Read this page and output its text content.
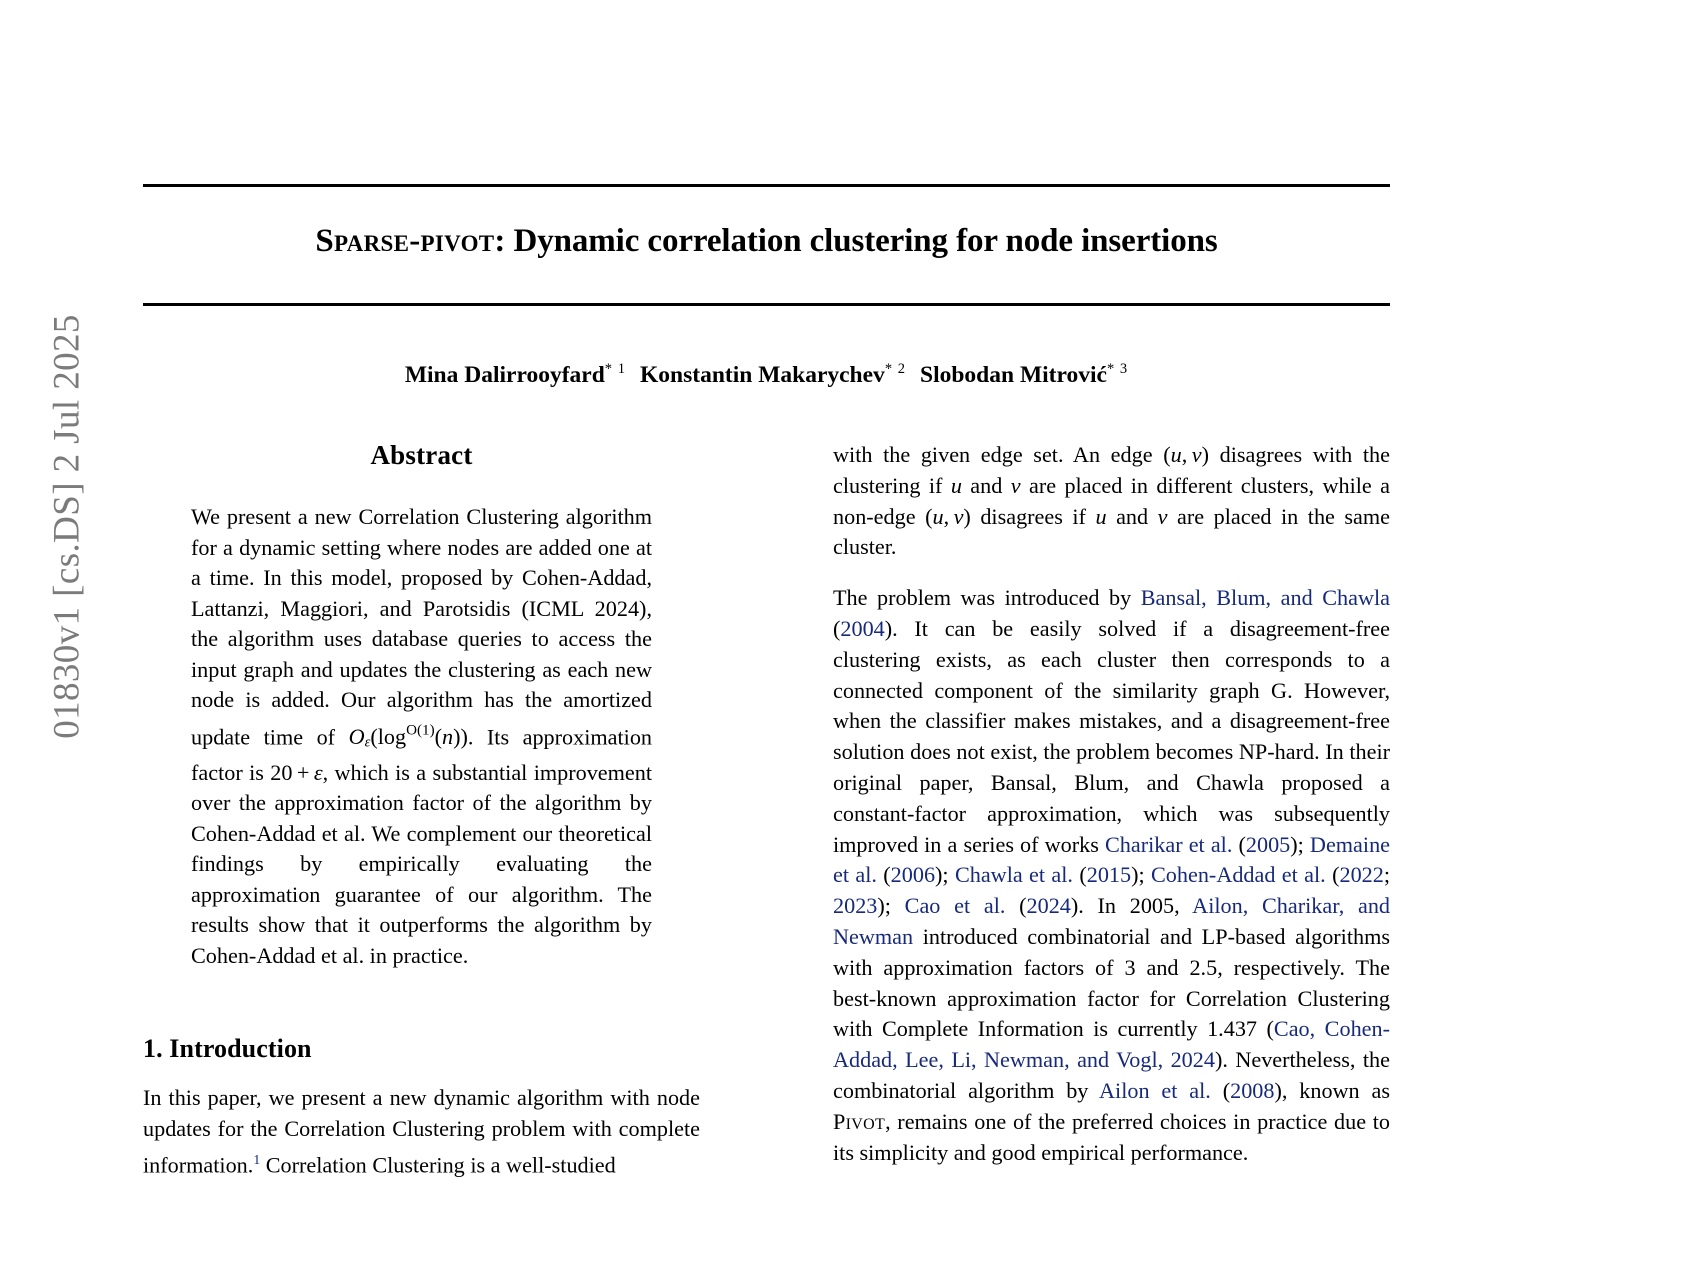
01830v1 [cs.DS] 2 Jul 2025
Sparse-pivot: Dynamic correlation clustering for node insertions
Mina Dalirrooyfard$^{* 1}$ Konstantin Makarychev$^{* 2}$ Slobodan Mitrović$^{* 3}$
Abstract

We present a new Correlation Clustering algorithm for a dynamic setting where nodes are added one at a time. In this model, proposed by Cohen-Addad, Lattanzi, Maggiori, and Parotsidis (ICML 2024), the algorithm uses database queries to access the input graph and updates the clustering as each new node is added. Our algorithm has the amortized update time of $O\varepsilon(\log^{O(1)}(n))$. Its approximation factor is 20 + ε, which is a substantial improvement over the approximation factor of the algorithm by Cohen-Addad et al. We complement our theoretical findings by empirically evaluating the approximation guarantee of our algorithm. The results show that it outperforms the algorithm by Cohen-Addad et al. in practice.

1. Introduction

In this paper, we present a new dynamic algorithm with node updates for the Correlation Clustering problem with complete information.$^1$ Correlation Clustering is a well-studied

with the given edge set. An edge (u, v) disagrees with the clustering if u and v are placed in different clusters, while a non-edge (u, v) disagrees if u and v are placed in the same cluster.

The problem was introduced by Bansal, Blum, and Chawla (2004). It can be easily solved if a disagreement-free clustering exists, as each cluster then corresponds to a connected component of the similarity graph G. However, when the classifier makes mistakes, and a disagreement-free solution does not exist, the problem becomes NP-hard. In their original paper, Bansal, Blum, and Chawla proposed a constant-factor approximation, which was subsequently improved in a series of works Charikar et al. (2005); Demaine et al. (2006); Chawla et al. (2015); Cohen-Addad et al. (2022; 2023); Cao et al. (2024). In 2005, Ailon, Charikar, and Newman introduced combinatorial and LP-based algorithms with approximation factors of 3 and 2.5, respectively. The best-known approximation factor for Correlation Clustering with Complete Information is currently 1.437 (Cao, Cohen-Addad, Lee, Li, Newman, and Vogl, 2024). Nevertheless, the combinatorial algorithm by Ailon et al. (2008), known as Pivot, remains one of the preferred choices in practice due to its simplicity and good empirical performance.
